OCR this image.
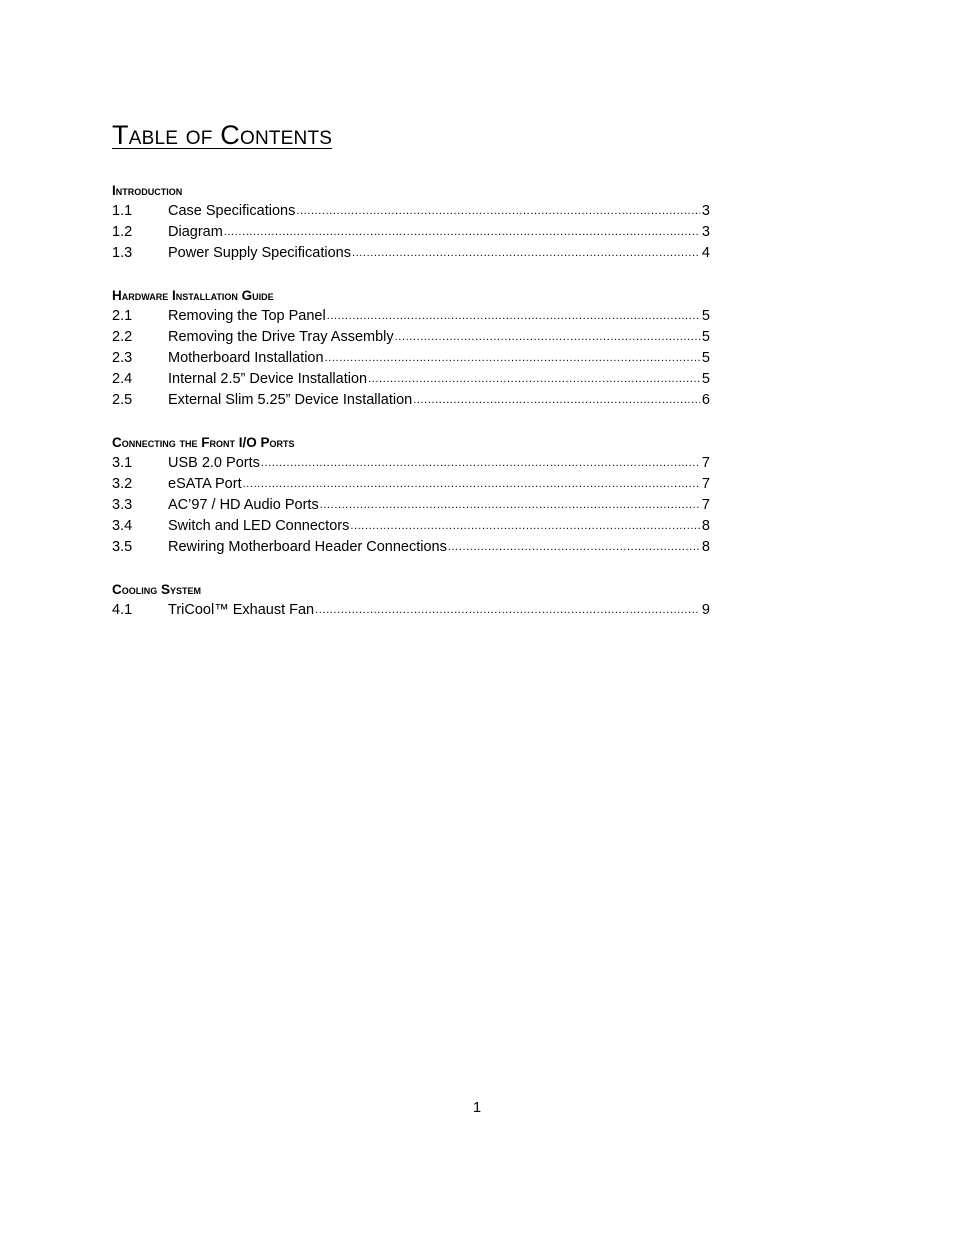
Table of Contents
Introduction
1.1	Case Specifications .....	3
1.2	Diagram .....	3
1.3	Power Supply Specifications .....	4
Hardware Installation Guide
2.1	Removing the Top Panel .....	5
2.2	Removing the Drive Tray Assembly .....	5
2.3	Motherboard Installation .....	5
2.4	Internal 2.5” Device Installation .....	5
2.5	External Slim 5.25” Device Installation .....	6
Connecting the Front I/O Ports
3.1	USB 2.0 Ports .....	7
3.2	eSATA Port .....	7
3.3	AC’97 / HD Audio Ports .....	7
3.4	Switch and LED Connectors .....	8
3.5	Rewiring Motherboard Header Connections .....	8
Cooling System
4.1	TriCool™ Exhaust Fan .....	9
1
